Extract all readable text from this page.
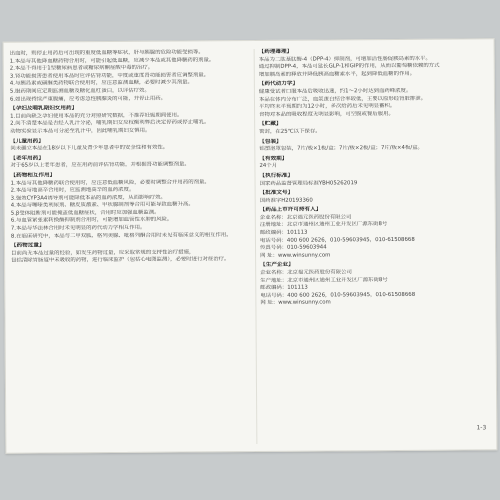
出血时，则停止用药后可出现的重度低血糖等症状，肝与胰腺的危险功能受损等。
1.本品与其他降血糖药物合用时，可能引起低血糖，应减少本品或其他降糖药的剂量。
2.本品不得用于1型糖尿病患者或糖尿病酮症酸中毒的治疗。
3.肾功能损害患者使用本品时应评估肾功能，中度或重度肾功能损害者应调整剂量。
4.与胰岛素或磺脲类药物联合使用时，应注意监测血糖，必要时减少其剂量。
5.服药期间应定期监测血糖及糖化血红蛋白，以评估疗效。
6.如出现持续严重腹痛，应考虑急性胰腺炎的可能，并停止用药。
【孕妇及哺乳期妇女用药】
1.目前尚缺乏孕妇使用本品的充分对照研究数据，不推荐妊娠期间使用。
2.尚不清楚本品是否经人乳汁分泌，哺乳期妇女应权衡利弊后决定停药或停止哺乳。
动物实验显示本品可分泌至乳汁中，因此哺乳期妇女慎用。
【儿童用药】
尚未确立本品在18岁以下儿童及青少年患者中的安全性和有效性。
【老年用药】
对于65岁以上老年患者，应在用药前评估肾功能，并根据肾功能调整剂量。
【药物相互作用】
1.本品与其他降糖药联合使用时，应注意低血糖风险，必要时调整合并用药的剂量。
2.本品与地高辛合用时，应监测地高辛的血药浓度。
3.强效CYP3A4诱导剂可能降低本品的血药浓度，从而影响疗效。
4.本品与噻嗪类利尿剂、糖皮质激素、甲状腺制剂等合用可能导致血糖升高。
5.β受体阻断剂可能掩盖低血糖症状，合用时应加强血糖监测。
6.与血管紧张素转换酶抑制剂合用时，可能增加血管性水肿的风险。
7.本品与华法林合用时未见明显的药代动力学相互作用。
8.在临床研究中，本品与二甲双胍、格列美脲、吡格列酮合用时未见有临床意义的相互作用。
【药物过量】
目前尚无本品过量的经验，如发生药物过量，应采取常规的支持性治疗措施，
包括清除胃肠道中未吸收的药物，进行临床监护（包括心电图监测），必要时进行对症治疗。
【药理毒理】
本品为二肽基肽酶-4（DPP-4）抑制剂，可增加活性肠促胰岛素的水平。
通过抑制DPP-4，本品可延长GLP-1和GIP的作用，从而以葡萄糖依赖的方式
增加胰岛素的释放并降低胰高血糖素水平，起到降低血糖的作用。
【药代动力学】
健康受试者口服本品后吸收迅速，约1～2小时达到血药峰浓度。
本品在体内分布广泛，血浆蛋白结合率较低，主要以原形经肾脏排泄。
平均终末半衰期约为12小时，多次给药后未见明显蓄积。
食物对本品的吸收程度无明显影响，可空腹或餐后服用。
【贮藏】
密封，在25℃以下保存。
【包装】
铝塑泡罩包装，7片/板×1板/盒；7片/板×2板/盒；7片/板×4板/盒。
【有效期】
24个月
【执行标准】
国家药品监督管理局标准YBH05262019
【批准文号】
国药准字H20193360
【药品上市许可持有人】
企业名称：北京福元医药股份有限公司
注册地址：北京市通州区通州工业开发区广源东街8号
邮政编码：101113
电话号码：400 600 2626，010-59603945，010-61508668
传真号码：010-59603944
网 址：www.winsunny.com
【生产企业】
企业名称：北京福元医药股份有限公司
生产地址：北京市通州区通州工业开发区广源东街8号
邮政编码：101113
电话号码：400 600 2626，010-59603945，010-61508668
网 址：www.winsunny.com
1-3
